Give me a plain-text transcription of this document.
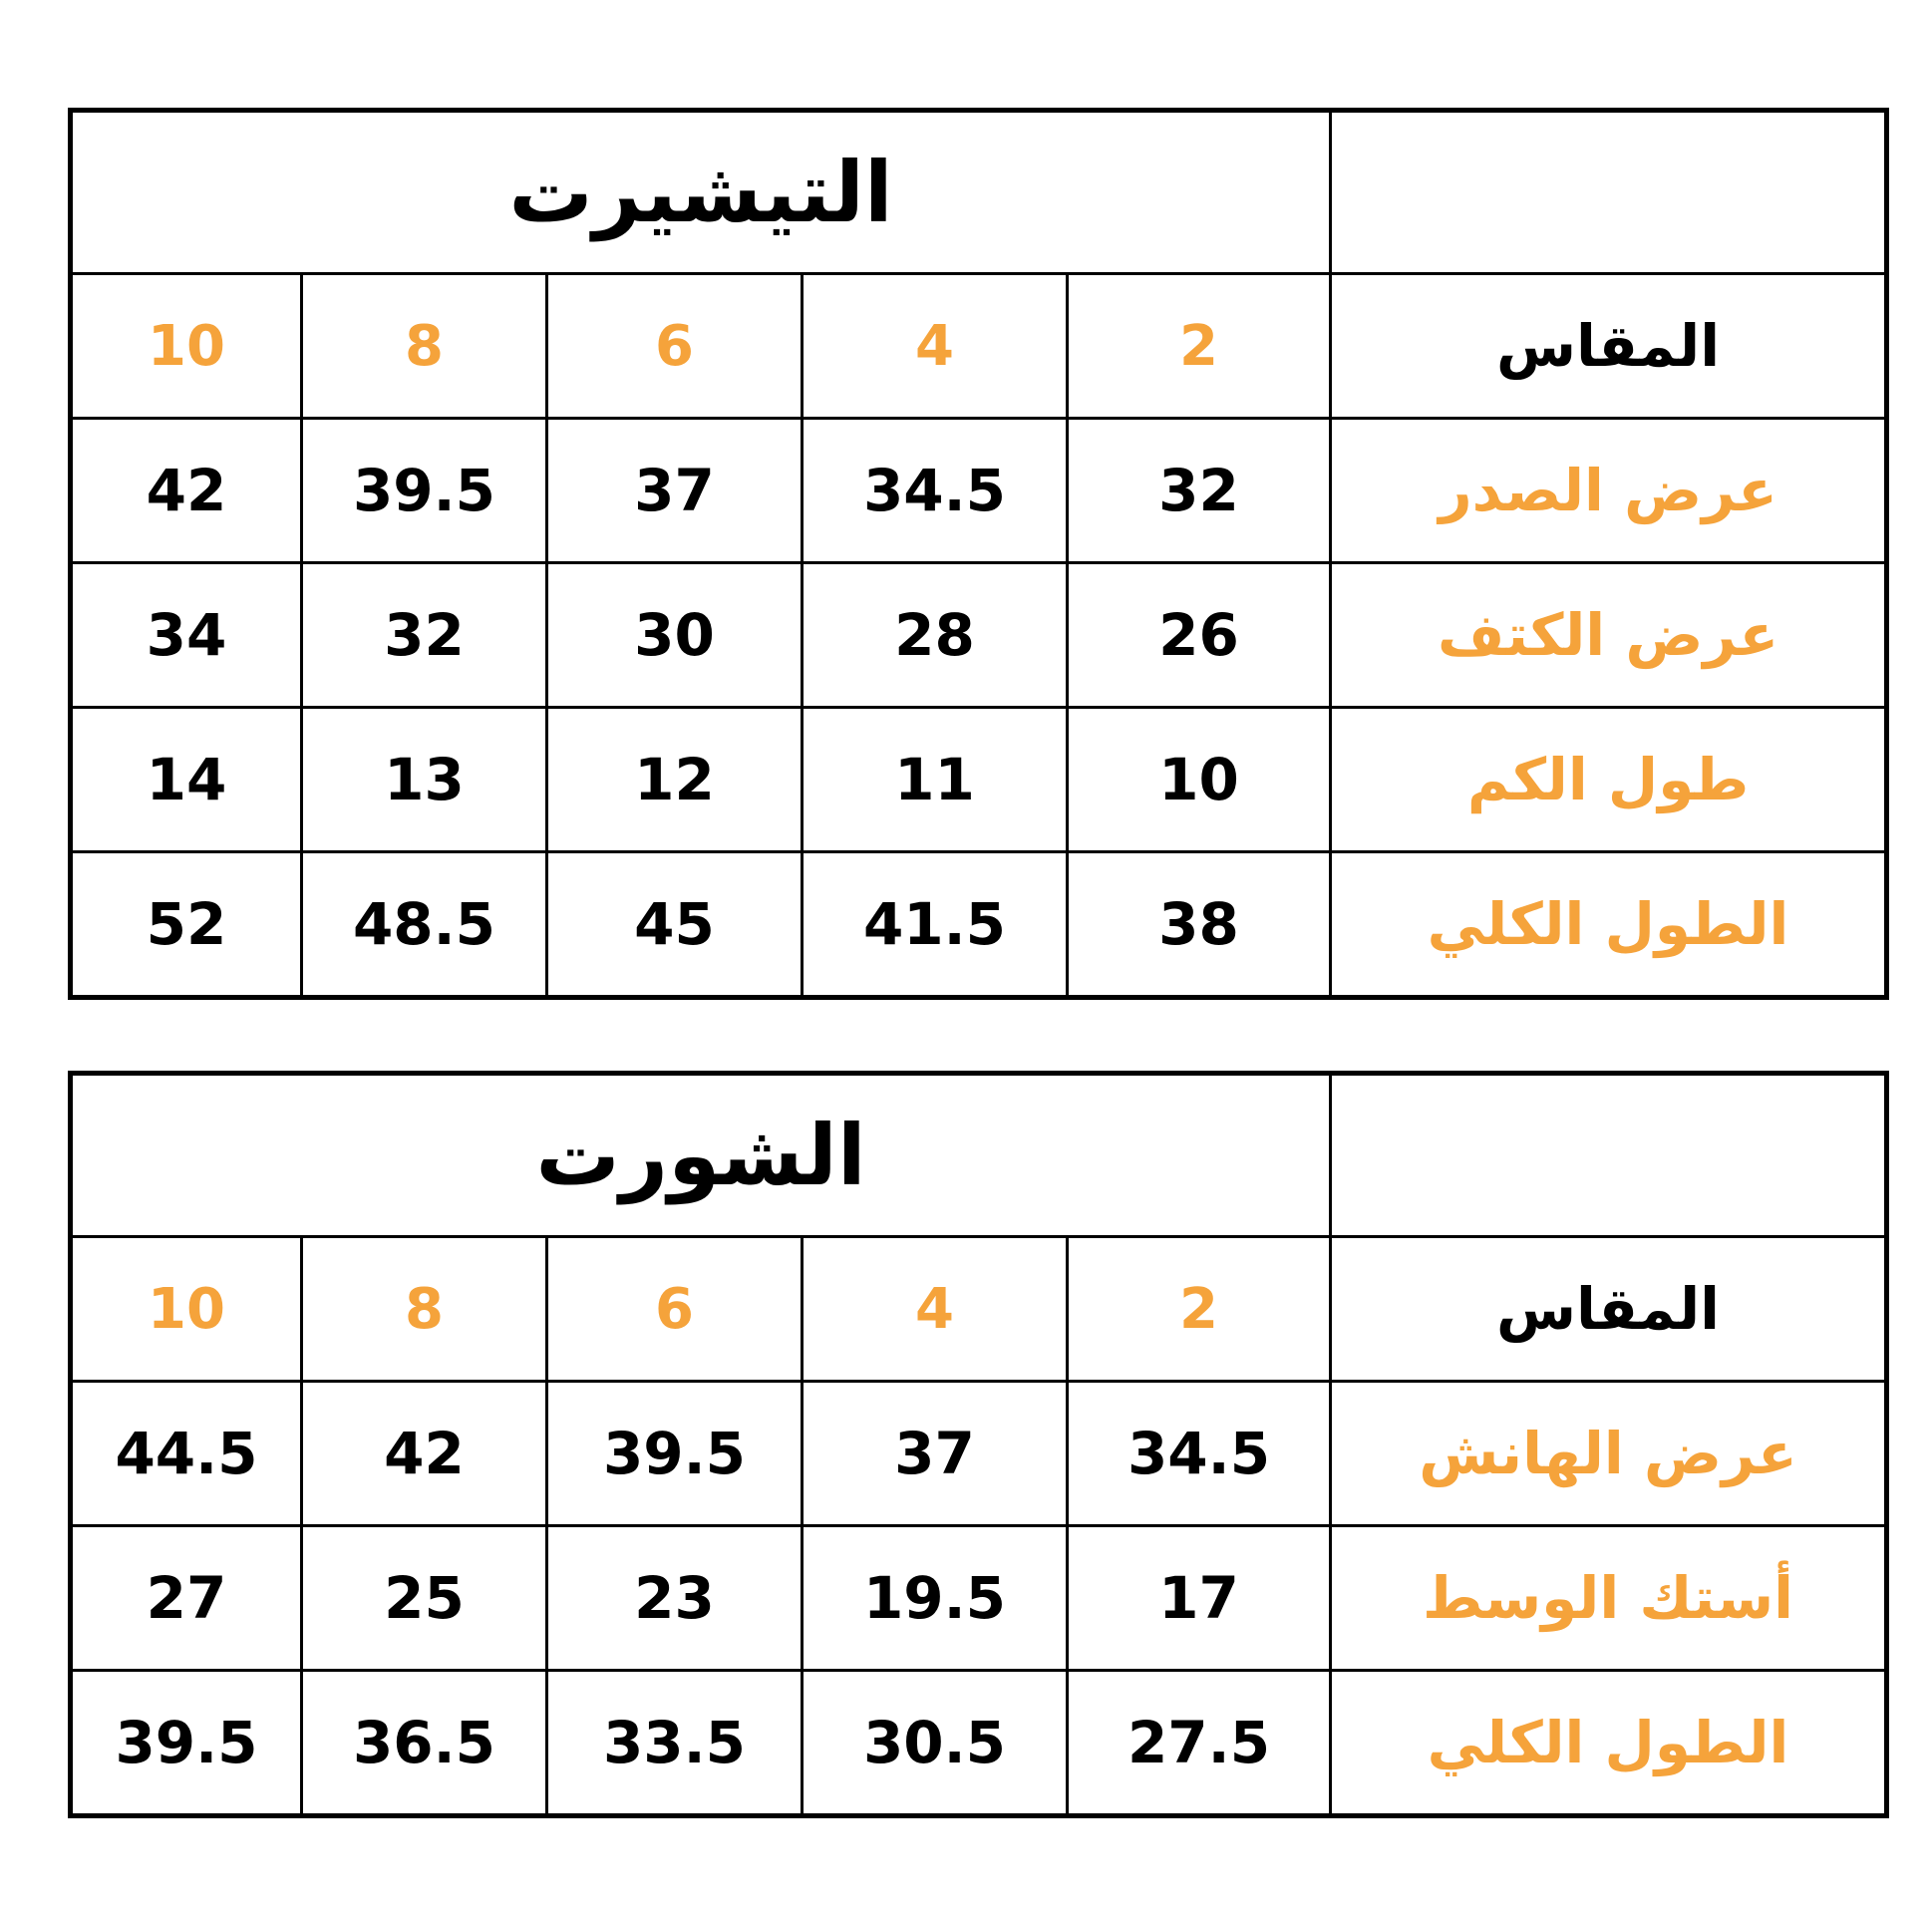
التيشيرت					
10	8	6	4	2	المقاس
42	39.5	37	34.5	32	عرض الصدر
34	32	30	28	26	عرض الكتف
14	13	12	11	10	طول الكم
52	48.5	45	41.5	38	الطول الكلي
الشورت					
10	8	6	4	2	المقاس
44.5	42	39.5	37	34.5	عرض الهانش
27	25	23	19.5	17	أستك الوسط
39.5	36.5	33.5	30.5	27.5	الطول الكلي
